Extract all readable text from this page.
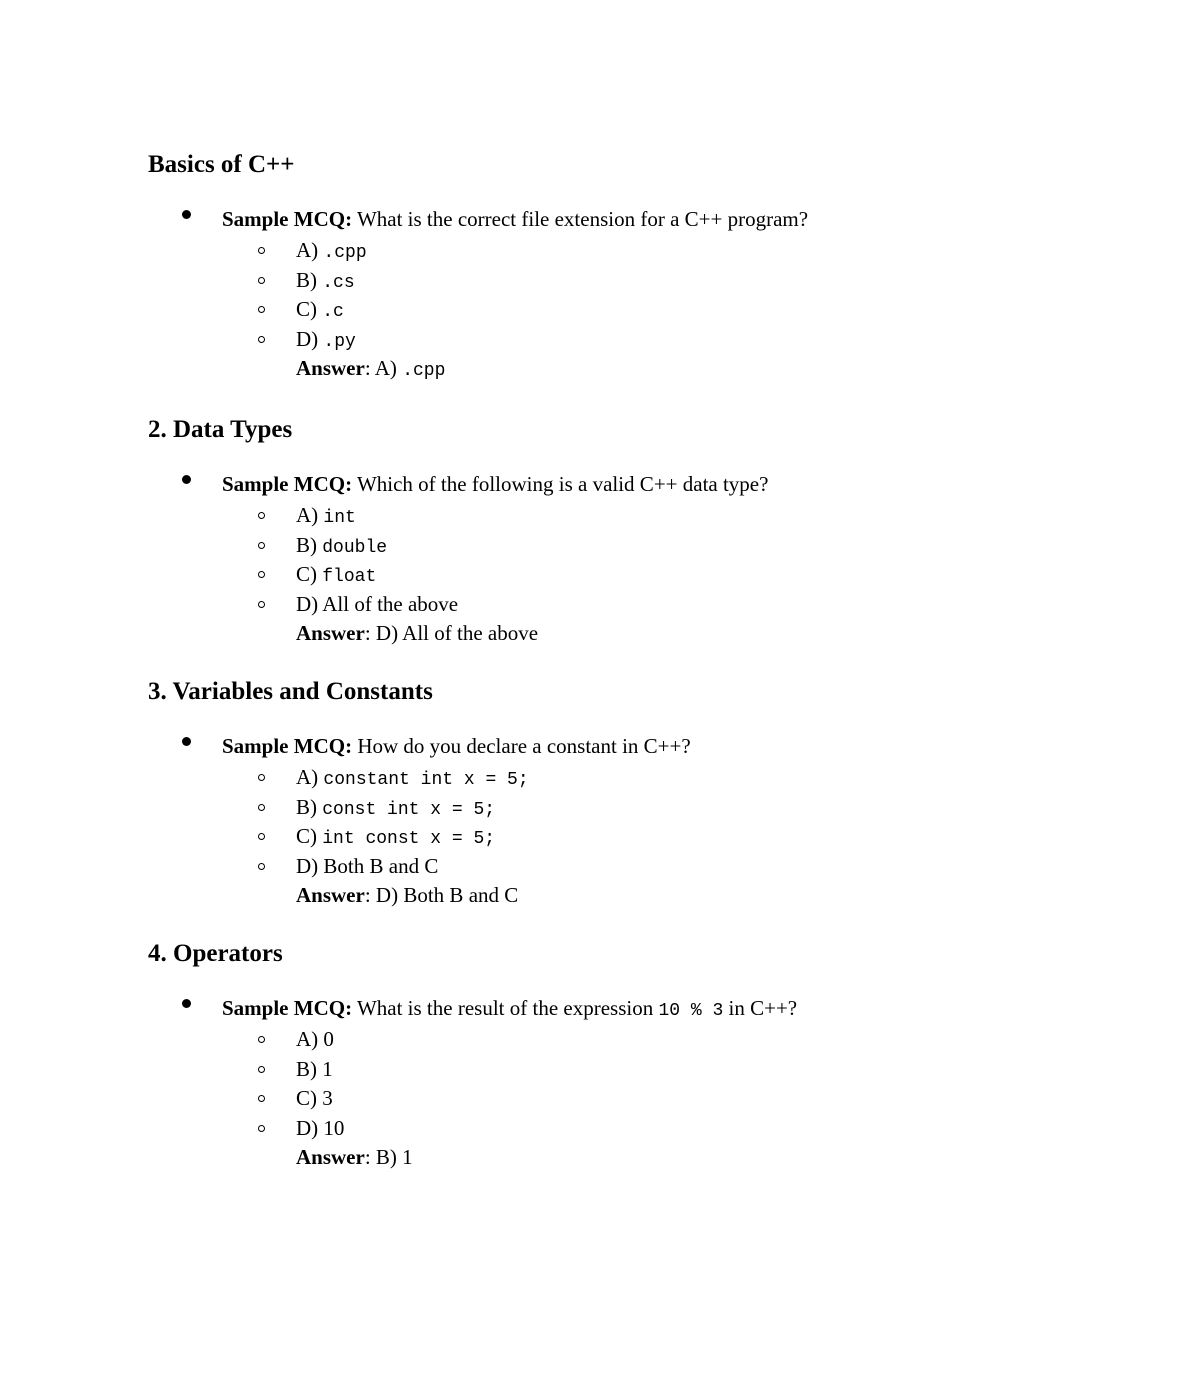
Basics of C++
Sample MCQ: What is the correct file extension for a C++ program?
A) .cpp
B) .cs
C) .c
D) .py
Answer: A) .cpp
2. Data Types
Sample MCQ: Which of the following is a valid C++ data type?
A) int
B) double
C) float
D) All of the above
Answer: D) All of the above
3. Variables and Constants
Sample MCQ: How do you declare a constant in C++?
A) constant int x = 5;
B) const int x = 5;
C) int const x = 5;
D) Both B and C
Answer: D) Both B and C
4. Operators
Sample MCQ: What is the result of the expression 10 % 3 in C++?
A) 0
B) 1
C) 3
D) 10
Answer: B) 1
